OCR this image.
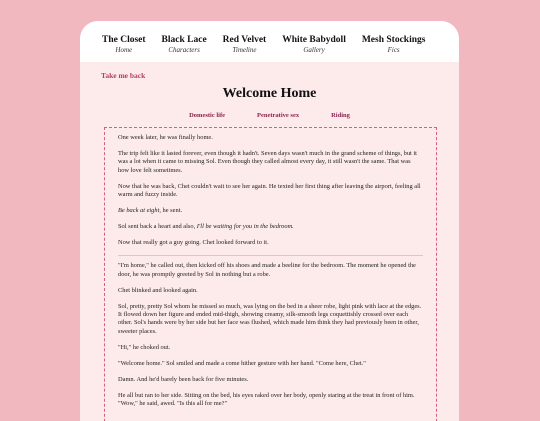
The Closet
Home
Black Lace
Characters
Red Velvet
Timeline
White Babydoll
Gallery
Mesh Stockings
Fics
Take me back
Welcome Home
Domestic life	Penetrative sex	Riding

One week later, he was finally home.

The trip felt like it lasted forever, even though it hadn't. Seven days wasn't much in the grand scheme of things, but it was a lot when it came to missing Sol. Even though they called almost every day, it still wasn't the same. That was how love felt sometimes.

Now that he was back, Chet couldn't wait to see her again. He texted her first thing after leaving the airport, feeling all warm and fuzzy inside.

Be back at eight, he sent.

Sol sent back a heart and also, I'll be waiting for you in the bedroom.

Now that really got a guy going. Chet looked forward to it.

"I'm home," he called out, then kicked off his shoes and made a beeline for the bedroom. The moment he opened the door, he was promptly greeted by Sol in nothing but a robe.

Chet blinked and looked again.

Sol, pretty, pretty Sol whom he missed so much, was lying on the bed in a sheer robe, light pink with lace at the edges. It flowed down her figure and ended mid-thigh, showing creamy, silk-smooth legs coquettishly crossed over each other. Sol's hands were by her side but her face was flushed, which made him think they had previously been in other, sweeter places.

"Hi," he choked out.

"Welcome home." Sol smiled and made a come hither gesture with her hand. "Come here, Chet."

Damn. And he'd barely been back for five minutes.

He all but ran to her side. Sitting on the bed, his eyes raked over her body, openly staring at the treat in front of him. "Wow," he said, awed. "Is this all for me?"
